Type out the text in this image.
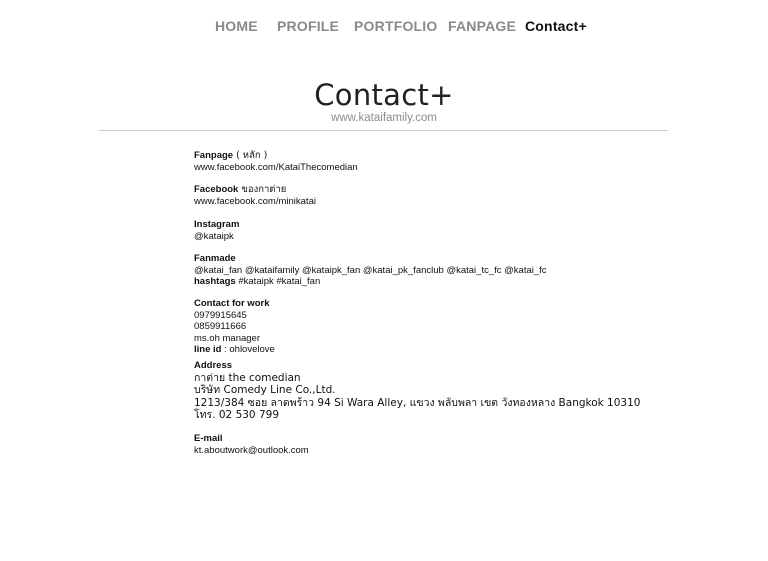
HOME PROFILE PORTFOLIO FANPAGE Contact+
Contact+
www.kataifamily.com
Fanpage ( หลัก )
www.facebook.com/KataiThecomedian
Facebook ของกาต่าย
www.facebook.com/minikatai
Instagram
@kataipk
Fanmade
@katai_fan @kataifamily @kataipk_fan @katai_pk_fanclub @katai_tc_fc @katai_fc
hashtags #kataipk #katai_fan
Contact for work
0979915645
0859911666
ms.oh manager
line id : ohlovelove
Address
กาต่าย the comedian
บริษัท Comedy Line Co.,Ltd.
1213/384 ซอย ลาดพร้าว 94 Si Wara Alley, แขวง พลับพลา เขต วังทองหลาง Bangkok 10310
โทร. 02 530 799
E-mail
kt.aboutwork@outlook.com
